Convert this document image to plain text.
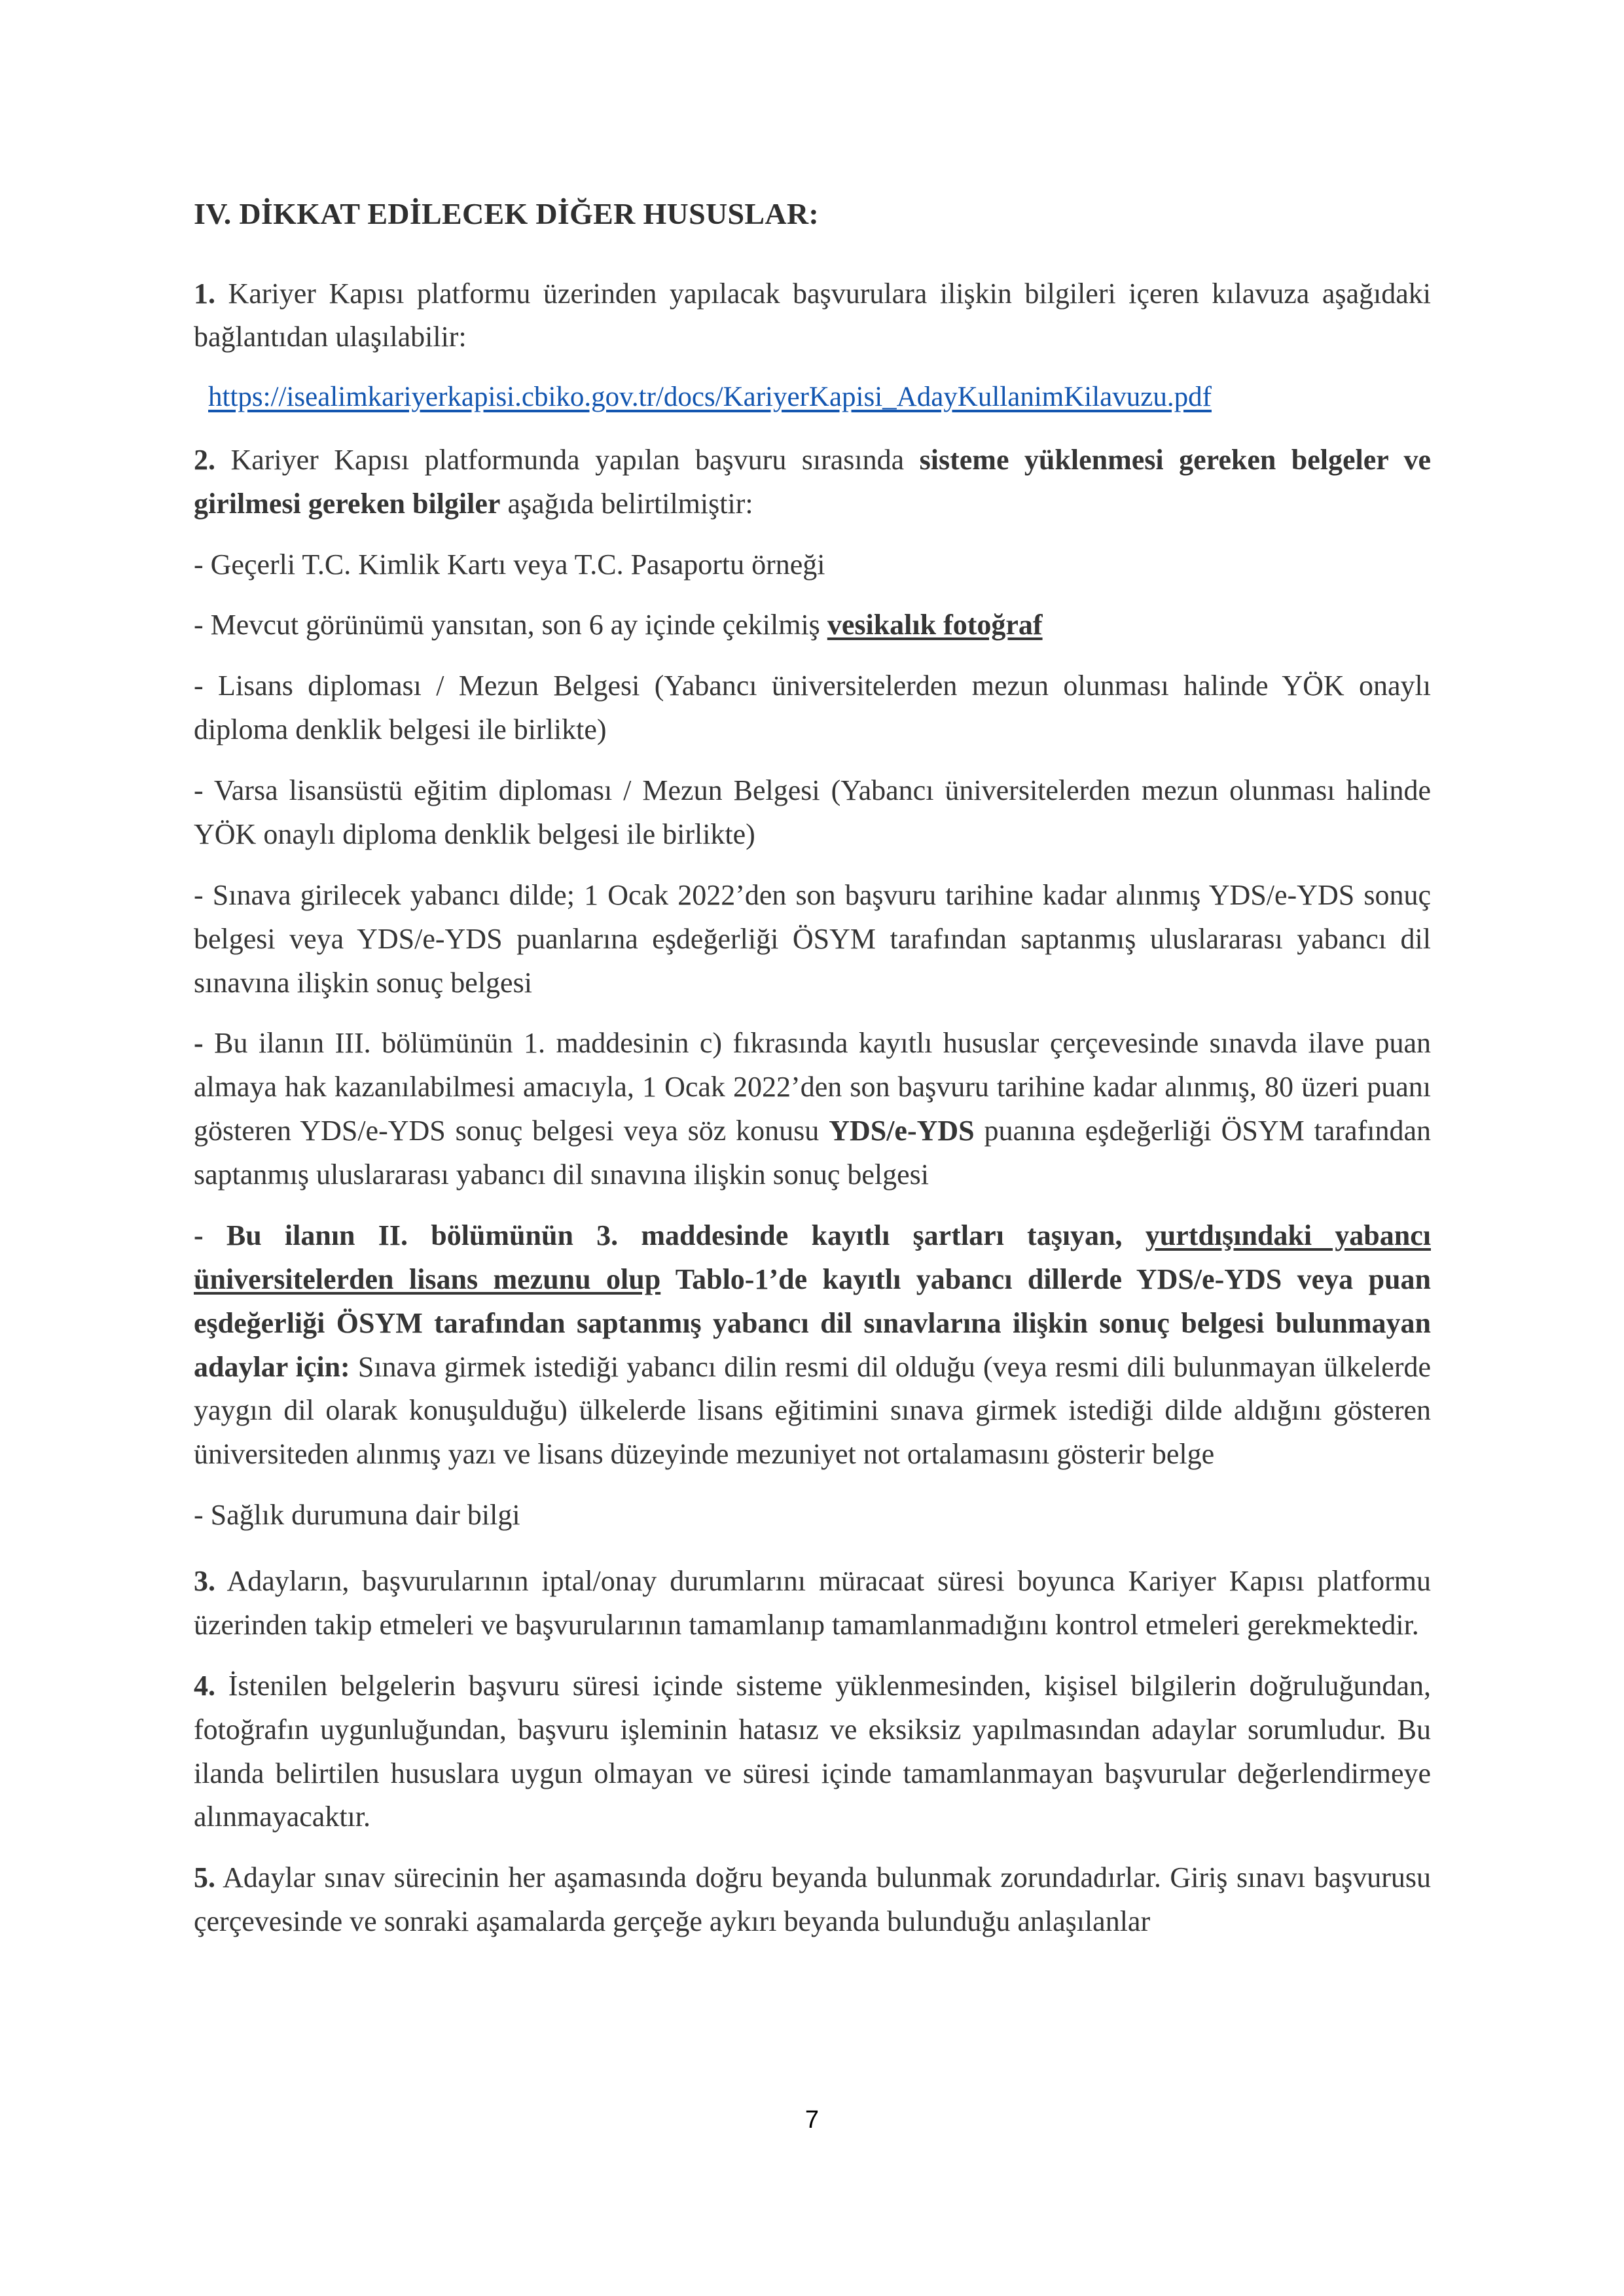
IV. DİKKAT EDİLECEK DİĞER HUSUSLAR:

1. Kariyer Kapısı platformu üzerinden yapılacak başvurulara ilişkin bilgileri içeren kılavuza aşağıdaki bağlantıdan ulaşılabilir:

https://isealimkariyerkapisi.cbiko.gov.tr/docs/KariyerKapisi_AdayKullanimKilavuzu.pdf

2. Kariyer Kapısı platformunda yapılan başvuru sırasında sisteme yüklenmesi gereken belgeler ve girilmesi gereken bilgiler aşağıda belirtilmiştir:

- Geçerli T.C. Kimlik Kartı veya T.C. Pasaportu örneği

- Mevcut görünümü yansıtan, son 6 ay içinde çekilmiş vesikalık fotoğraf

- Lisans diploması / Mezun Belgesi (Yabancı üniversitelerden mezun olunması halinde YÖK onaylı diploma denklik belgesi ile birlikte)

- Varsa lisansüstü eğitim diploması / Mezun Belgesi (Yabancı üniversitelerden mezun olunması halinde YÖK onaylı diploma denklik belgesi ile birlikte)

- Sınava girilecek yabancı dilde; 1 Ocak 2022’den son başvuru tarihine kadar alınmış YDS/e-YDS sonuç belgesi veya YDS/e-YDS puanlarına eşdeğerliği ÖSYM tarafından saptanmış uluslararası yabancı dil sınavına ilişkin sonuç belgesi

- Bu ilanın III. bölümünün 1. maddesinin c) fıkrasında kayıtlı hususlar çerçevesinde sınavda ilave puan almaya hak kazanılabilmesi amacıyla, 1 Ocak 2022’den son başvuru tarihine kadar alınmış, 80 üzeri puanı gösteren YDS/e-YDS sonuç belgesi veya söz konusu YDS/e-YDS puanına eşdeğerliği ÖSYM tarafından saptanmış uluslararası yabancı dil sınavına ilişkin sonuç belgesi

- Bu ilanın II. bölümünün 3. maddesinde kayıtlı şartları taşıyan, yurtdışındaki yabancı üniversitelerden lisans mezunu olup Tablo-1’de kayıtlı yabancı dillerde YDS/e-YDS veya puan eşdeğerliği ÖSYM tarafından saptanmış yabancı dil sınavlarına ilişkin sonuç belgesi bulunmayan adaylar için: Sınava girmek istediği yabancı dilin resmi dil olduğu (veya resmi dili bulunmayan ülkelerde yaygın dil olarak konuşulduğu) ülkelerde lisans eğitimini sınava girmek istediği dilde aldığını gösteren üniversiteden alınmış yazı ve lisans düzeyinde mezuniyet not ortalamasını gösterir belge

- Sağlık durumuna dair bilgi

3. Adayların, başvurularının iptal/onay durumlarını müracaat süresi boyunca Kariyer Kapısı platformu üzerinden takip etmeleri ve başvurularının tamamlanıp tamamlanmadığını kontrol etmeleri gerekmektedir.

4. İstenilen belgelerin başvuru süresi içinde sisteme yüklenmesinden, kişisel bilgilerin doğruluğundan, fotoğrafın uygunluğundan, başvuru işleminin hatasız ve eksiksiz yapılmasından adaylar sorumludur. Bu ilanda belirtilen hususlara uygun olmayan ve süresi içinde tamamlanmayan başvurular değerlendirmeye alınmayacaktır.

5. Adaylar sınav sürecinin her aşamasında doğru beyanda bulunmak zorundadırlar. Giriş sınavı başvurusu çerçevesinde ve sonraki aşamalarda gerçeğe aykırı beyanda bulunduğu anlaşılanlar

7
